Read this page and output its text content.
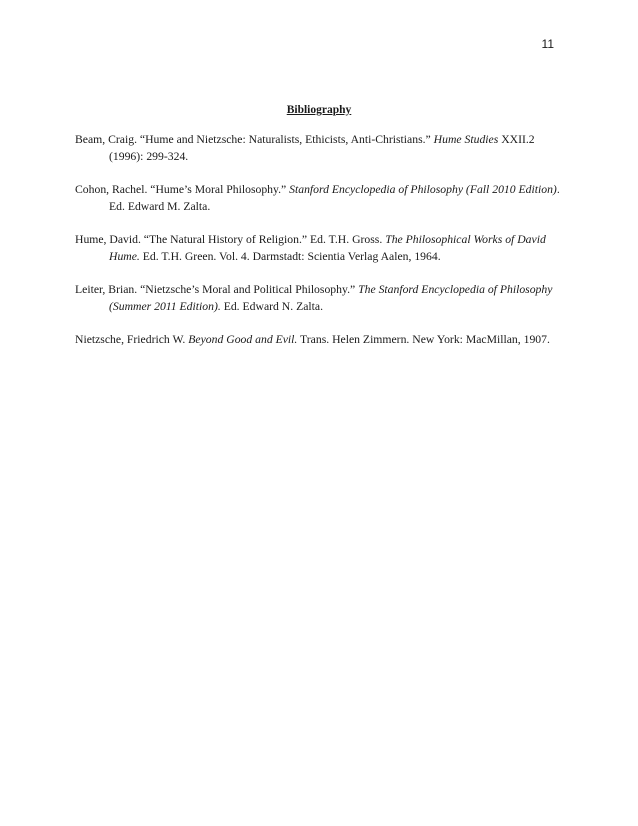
11
Bibliography

Beam, Craig. “Hume and Nietzsche: Naturalists, Ethicists, Anti-Christians.” Hume Studies XXII.2 (1996): 299-324.

Cohon, Rachel. “Hume’s Moral Philosophy.” Stanford Encyclopedia of Philosophy (Fall 2010 Edition). Ed. Edward M. Zalta.

Hume, David. “The Natural History of Religion.” Ed. T.H. Gross. The Philosophical Works of David Hume. Ed. T.H. Green. Vol. 4. Darmstadt: Scientia Verlag Aalen, 1964.

Leiter, Brian. “Nietzsche’s Moral and Political Philosophy.” The Stanford Encyclopedia of Philosophy (Summer 2011 Edition). Ed. Edward N. Zalta.

Nietzsche, Friedrich W. Beyond Good and Evil. Trans. Helen Zimmern. New York: MacMillan, 1907.
